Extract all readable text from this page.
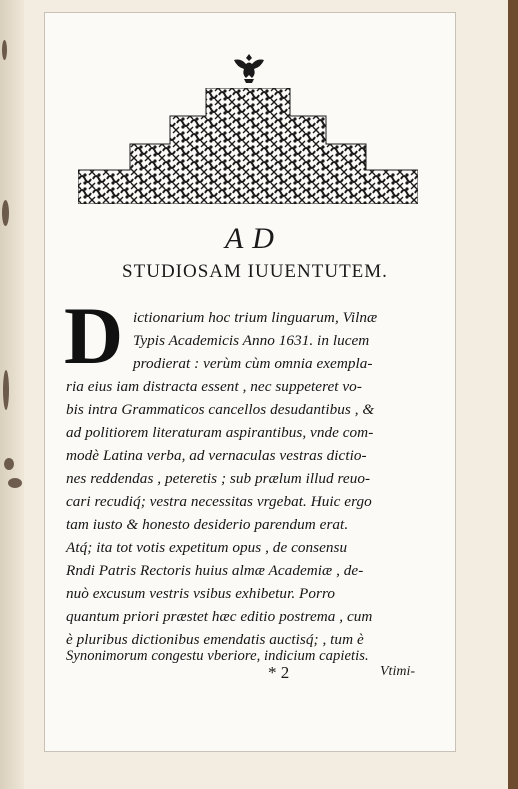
A D
STUDIOSAM IUUENTUTEM.
D ictionarium hoc trium linguarum, Vilnæ
Typis Academicis Anno 1631. in lucem
prodierat : verùm cùm omnia exempla-
ria eius iam distracta essent , nec suppeteret vo-
bis intra Grammaticos cancellos desudantibus , &
ad politiorem literaturam aspirantibus, vnde com-
modè Latina verba, ad vernaculas vestras dictio-
nes reddendas , peteretis ; sub prælum illud reuo-
cari recudiq́; vestra necessitas vrgebat. Huic ergo
tam iusto & honesto desiderio parendum erat.
Atq́; ita tot votis expetitum opus , de consensu
Rndi Patris Rectoris huius almæ Academiæ , de-
nuò excusum vestris vsibus exhibetur. Porro
quantum priori præstet hæc editio postrema , cum
è pluribus dictionibus emendatis auctisq́; , tum è
Synonimorum congestu vberiore, indicium capietis.
* 2	Vtimi-
